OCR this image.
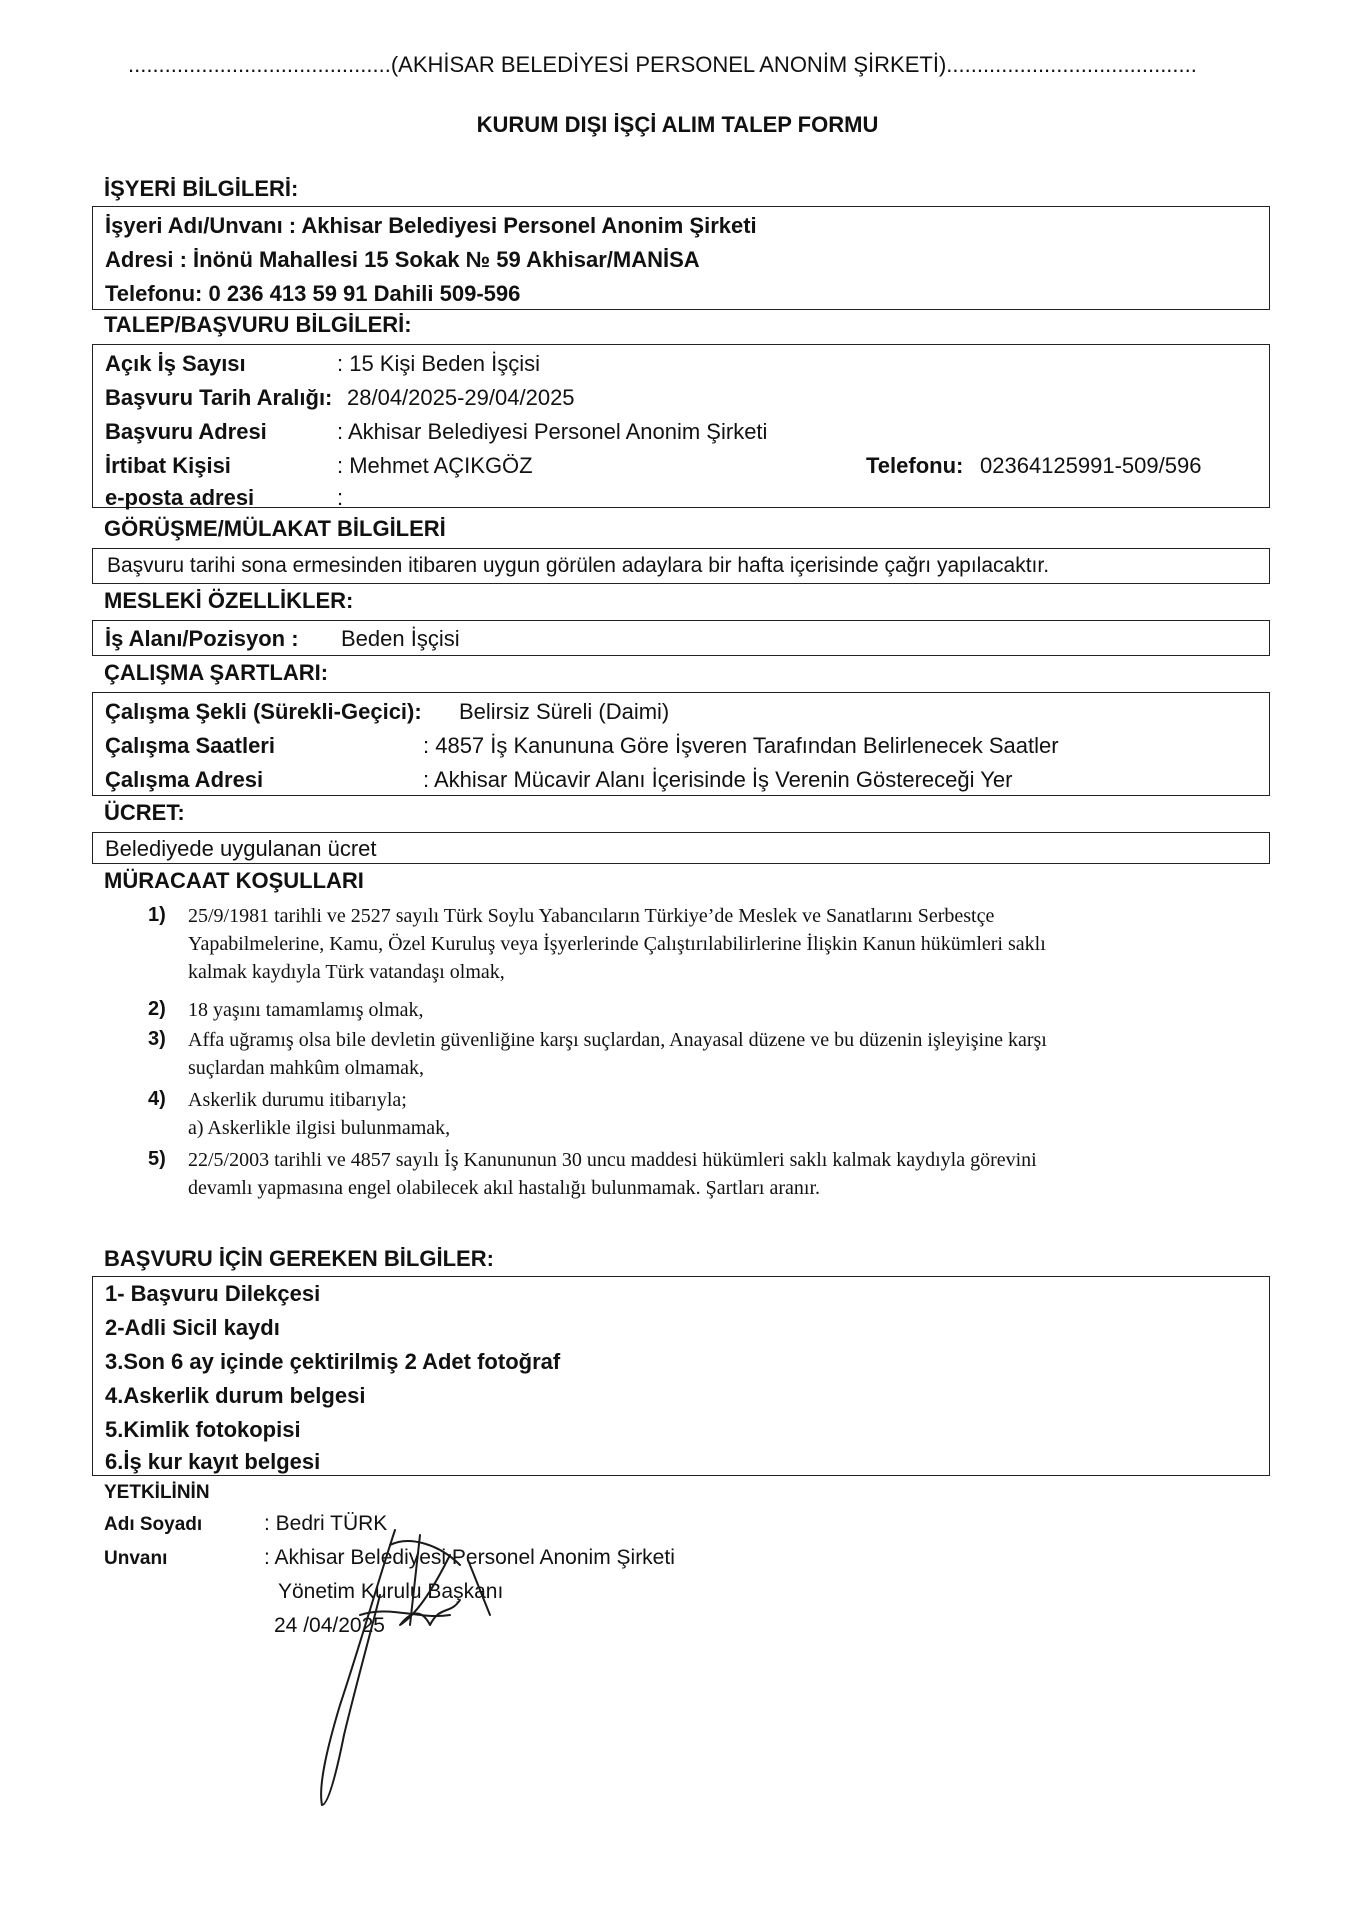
...........................................(AKHİSAR BELEDİYESİ PERSONEL ANONİM ŞİRKETİ).........................................
KURUM DIŞI İŞÇİ ALIM TALEP FORMU
İŞYERİ BİLGİLERİ:
İşyeri Adı/Unvanı : Akhisar Belediyesi Personel Anonim Şirketi
Adresi : İnönü Mahallesi 15 Sokak № 59 Akhisar/MANİSA
Telefonu: 0 236 413 59 91 Dahili 509-596
TALEP/BAŞVURU BİLGİLERİ:
Açık İş Sayısı	: 15 Kişi Beden İşçisi
Başvuru Tarih Aralığı: 28/04/2025-29/04/2025
Başvuru Adresi	: Akhisar Belediyesi Personel Anonim Şirketi
İrtibat Kişisi	: Mehmet AÇIKGÖZ	Telefonu: 02364125991-509/596
e-posta adresi	:
GÖRÜŞME/MÜLAKAT BİLGİLERİ
Başvuru tarihi sona ermesinden itibaren uygun görülen adaylara bir hafta içerisinde çağrı yapılacaktır.
MESLEKİ ÖZELLİKLER:
İş Alanı/Pozisyon : Beden İşçisi
ÇALIŞMA ŞARTLARI:
Çalışma Şekli (Sürekli-Geçici): Belirsiz Süreli (Daimi)
Çalışma Saatleri	: 4857 İş Kanununa Göre İşveren Tarafından Belirlenecek Saatler
Çalışma Adresi	: Akhisar Mücavir Alanı İçerisinde İş Verenin Göstereceği Yer
ÜCRET:
Belediyede uygulanan ücret
MÜRACAAT KOŞULLARI
1) 25/9/1981 tarihli ve 2527 sayılı Türk Soylu Yabancıların Türkiye’de Meslek ve Sanatlarını Serbestçe
Yapabilmelerine, Kamu, Özel Kuruluş veya İşyerlerinde Çalıştırılabilirlerine İlişkin Kanun hükümleri saklı
kalmak kaydıyla Türk vatandaşı olmak,
2) 18 yaşını tamamlamış olmak,
3) Affa uğramış olsa bile devletin güvenliğine karşı suçlardan, Anayasal düzene ve bu düzenin işleyişine karşı
suçlardan mahkûm olmamak,
4) Askerlik durumu itibarıyla;
a) Askerlikle ilgisi bulunmamak,
5) 22/5/2003 tarihli ve 4857 sayılı İş Kanununun 30 uncu maddesi hükümleri saklı kalmak kaydıyla görevini
devamlı yapmasına engel olabilecek akıl hastalığı bulunmamak. Şartları aranır.
BAŞVURU İÇİN GEREKEN BİLGİLER:
1- Başvuru Dilekçesi
2-Adli Sicil kaydı
3.Son 6 ay içinde çektirilmiş 2 Adet fotoğraf
4.Askerlik durum belgesi
5.Kimlik fotokopisi
6.İş kur kayıt belgesi
YETKİLİNİN
Adı Soyadı	: Bedri TÜRK
Unvanı	: Akhisar Belediyesi Personel Anonim Şirketi
Yönetim Kurulu Başkanı
24 /04/2025
